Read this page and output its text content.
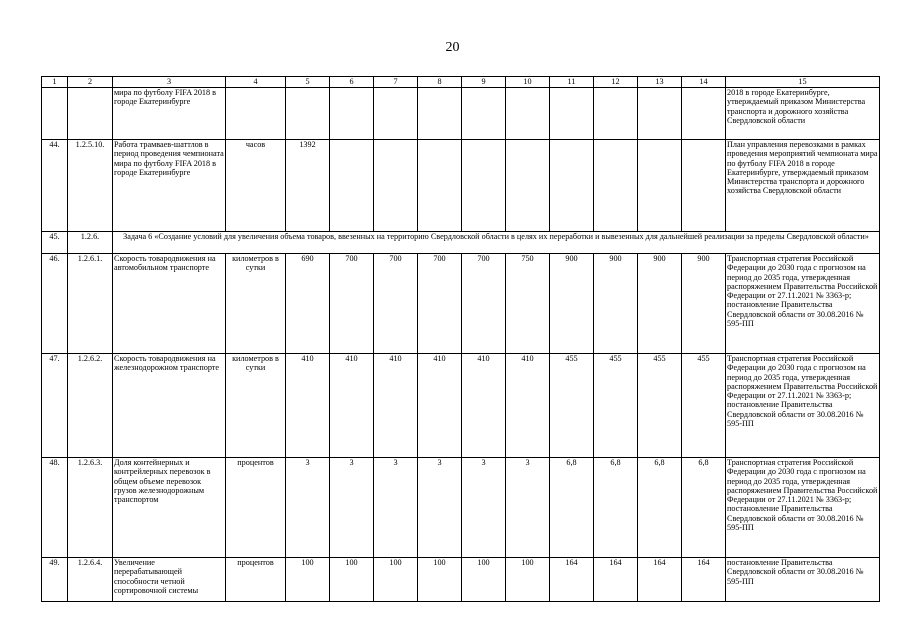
20
1	2	3	4	5	6	7	8	9	10	11	12	13	14	15
		мира по футболу FIFA 2018 в городе Екатеринбурге												2018 в городе Екатеринбурге, утверждаемый приказом Министерства транспорта и дорожного хозяйства Свердловской области
44.	1.2.5.10.	Работа трамваев-шаттлов в период проведения чемпионата мира по футболу FIFA 2018 в городе Екатеринбурге	часов	1392										План управления перевозками в рамках проведения мероприятий чемпионата мира по футболу FIFA 2018 в городе Екатеринбурге, утверждаемый приказом Министерства транспорта и дорожного хозяйства Свердловской области
45.	1.2.6.	Задача 6 «Создание условий для увеличения объема товаров, ввезенных на территорию Свердловской области в целях их переработки и вывезенных для дальнейшей реализации за пределы Свердловской области»												
46.	1.2.6.1.	Скорость товародвижения на автомобильном транспорте	километров в сутки	690	700	700	700	700	750	900	900	900	900	Транспортная стратегия Российской Федерации до 2030 года с прогнозом на период до 2035 года, утвержденная распоряжением Правительства Российской Федерации от 27.11.2021 № 3363-р; постановление Правительства Свердловской области от 30.08.2016 № 595-ПП
47.	1.2.6.2.	Скорость товародвижения на железнодорожном транспорте	километров в сутки	410	410	410	410	410	410	455	455	455	455	Транспортная стратегия Российской Федерации до 2030 года с прогнозом на период до 2035 года, утвержденная распоряжением Правительства Российской Федерации от 27.11.2021 № 3363-р; постановление Правительства Свердловской области от 30.08.2016 № 595-ПП
48.	1.2.6.3.	Доля контейнерных и контрейлерных перевозок в общем объеме перевозок грузов железнодорожным транспортом	процентов	3	3	3	3	3	3	6,8	6,8	6,8	6,8	Транспортная стратегия Российской Федерации до 2030 года с прогнозом на период до 2035 года, утвержденная распоряжением Правительства Российской Федерации от 27.11.2021 № 3363-р; постановление Правительства Свердловской области от 30.08.2016 № 595-ПП
49.	1.2.6.4.	Увеличение перерабатывающей способности четной сортировочной системы	процентов	100	100	100	100	100	100	164	164	164	164	постановление Правительства Свердловской области от 30.08.2016 № 595-ПП
